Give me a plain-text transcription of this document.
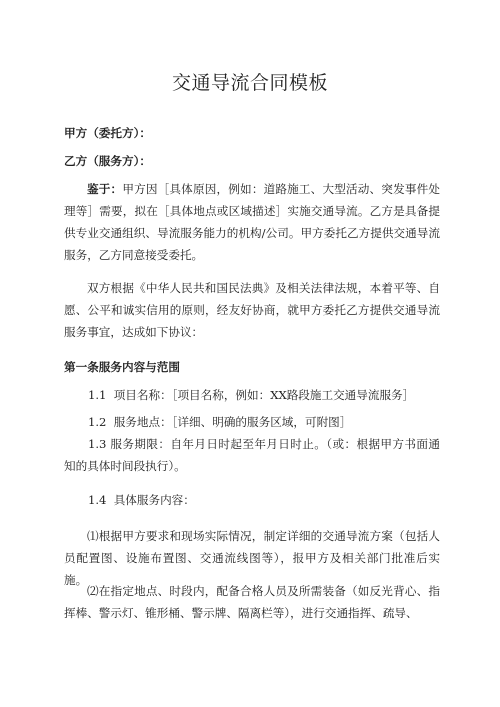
交通导流合同模板
甲方（委托方）：
乙方（服务方）：
鉴于：甲方因［具体原因，例如：道路施工、大型活动、突发事件处理等］需要，拟在［具体地点或区域描述］实施交通导流。乙方是具备提供专业交通组织、导流服务能力的机构/公司。甲方委托乙方提供交通导流服务，乙方同意接受委托。
双方根据《中华人民共和国民法典》及相关法律法规，本着平等、自愿、公平和诚实信用的原则，经友好协商，就甲方委托乙方提供交通导流服务事宜，达成如下协议：
第一条服务内容与范围
1.1 项目名称：［项目名称，例如：XX路段施工交通导流服务］
1.2 服务地点：［详细、明确的服务区域，可附图］
1.3 服务期限：自年月日时起至年月日时止。（或：根据甲方书面通知的具体时间段执行）。
1.4 具体服务内容：
⑴根据甲方要求和现场实际情况，制定详细的交通导流方案（包括人员配置图、设施布置图、交通流线图等），报甲方及相关部门批准后实施。
⑵在指定地点、时段内，配备合格人员及所需装备（如反光背心、指挥棒、警示灯、锥形桶、警示牌、隔离栏等），进行交通指挥、疏导、
